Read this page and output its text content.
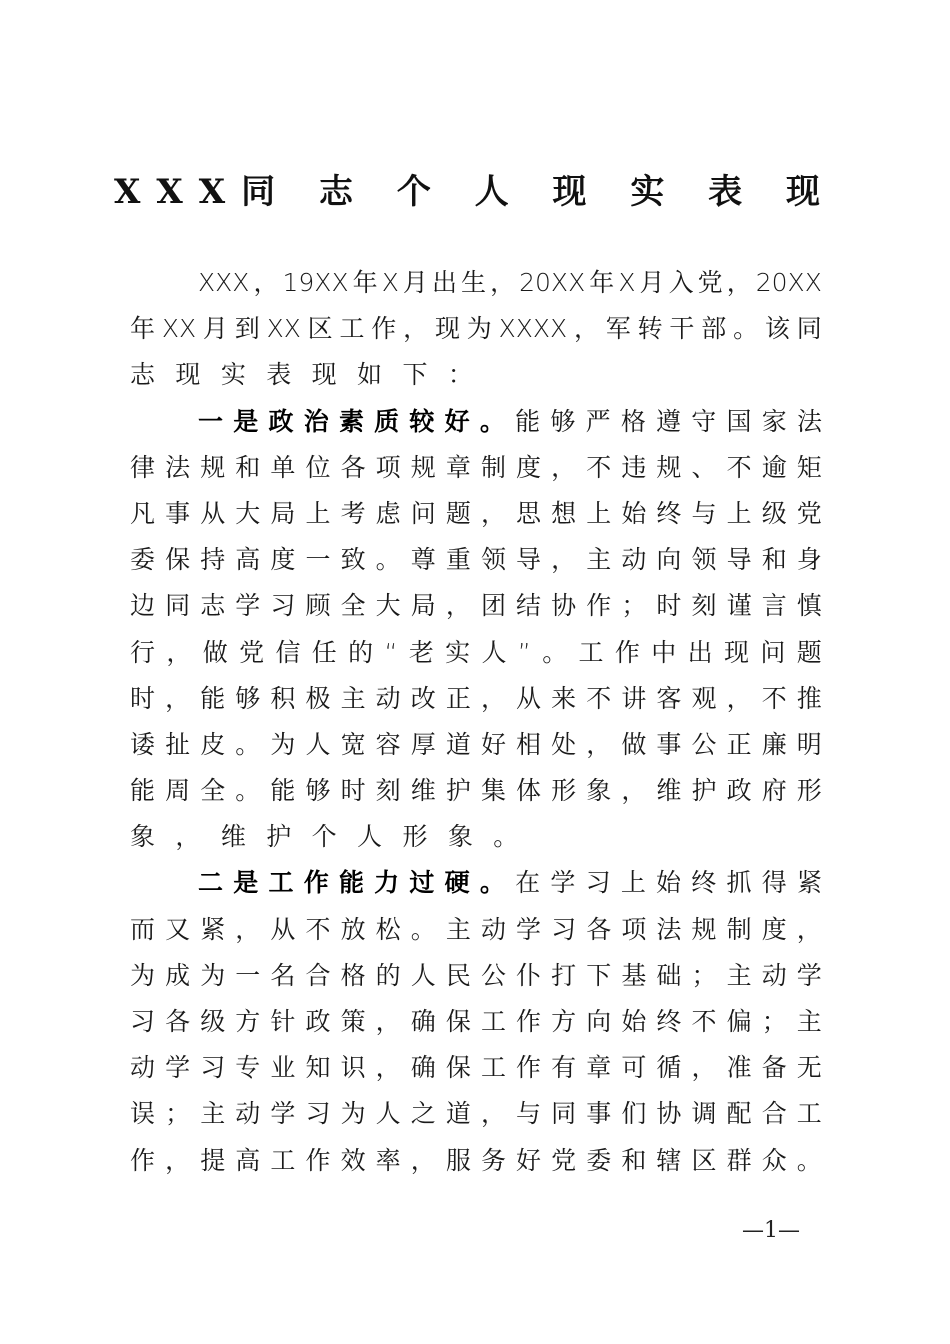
XXX同 志 个 人 现 实 表 现
XXX ， 19XX 年 X 月 出 生 ， 20XX 年 X 月 入 党 ， 20XX
年 XX 月 到 XX 区 工 作 ， 现 为 XXXX ， 军 转 干 部 。 该 同
志 现 实 表 现 如 下 ：
一 是 政 治 素 质 较 好 。 能 够 严 格 遵 守 国 家 法
律 法 规 和 单 位 各 项 规 章 制 度 ， 不 违 规 、 不 逾 矩
凡 事 从 大 局 上 考 虑 问 题 ， 思 想 上 始 终 与 上 级 党
委 保 持 高 度 一 致 。 尊 重 领 导 ， 主 动 向 领 导 和 身
边 同 志 学 习 顾 全 大 局 ， 团 结 协 作 ； 时 刻 谨 言 慎
行 ， 做 党 信 任 的 “ 老 实 人 ” 。 工 作 中 出 现 问 题
时 ， 能 够 积 极 主 动 改 正 ， 从 来 不 讲 客 观 ， 不 推
诿 扯 皮 。 为 人 宽 容 厚 道 好 相 处 ， 做 事 公 正 廉 明
能 周 全 。 能 够 时 刻 维 护 集 体 形 象 ， 维 护 政 府 形
象 ， 维 护 个 人 形 象 。
二 是 工 作 能 力 过 硬 。 在 学 习 上 始 终 抓 得 紧
而 又 紧 ， 从 不 放 松 。 主 动 学 习 各 项 法 规 制 度 ，
为 成 为 一 名 合 格 的 人 民 公 仆 打 下 基 础 ； 主 动 学
习 各 级 方 针 政 策 ， 确 保 工 作 方 向 始 终 不 偏 ； 主
动 学 习 专 业 知 识 ， 确 保 工 作 有 章 可 循 ， 准 备 无
误 ； 主 动 学 习 为 人 之 道 ， 与 同 事 们 协 调 配 合 工
作 ， 提 高 工 作 效 率 ， 服 务 好 党 委 和 辖 区 群 众 。
—1—
